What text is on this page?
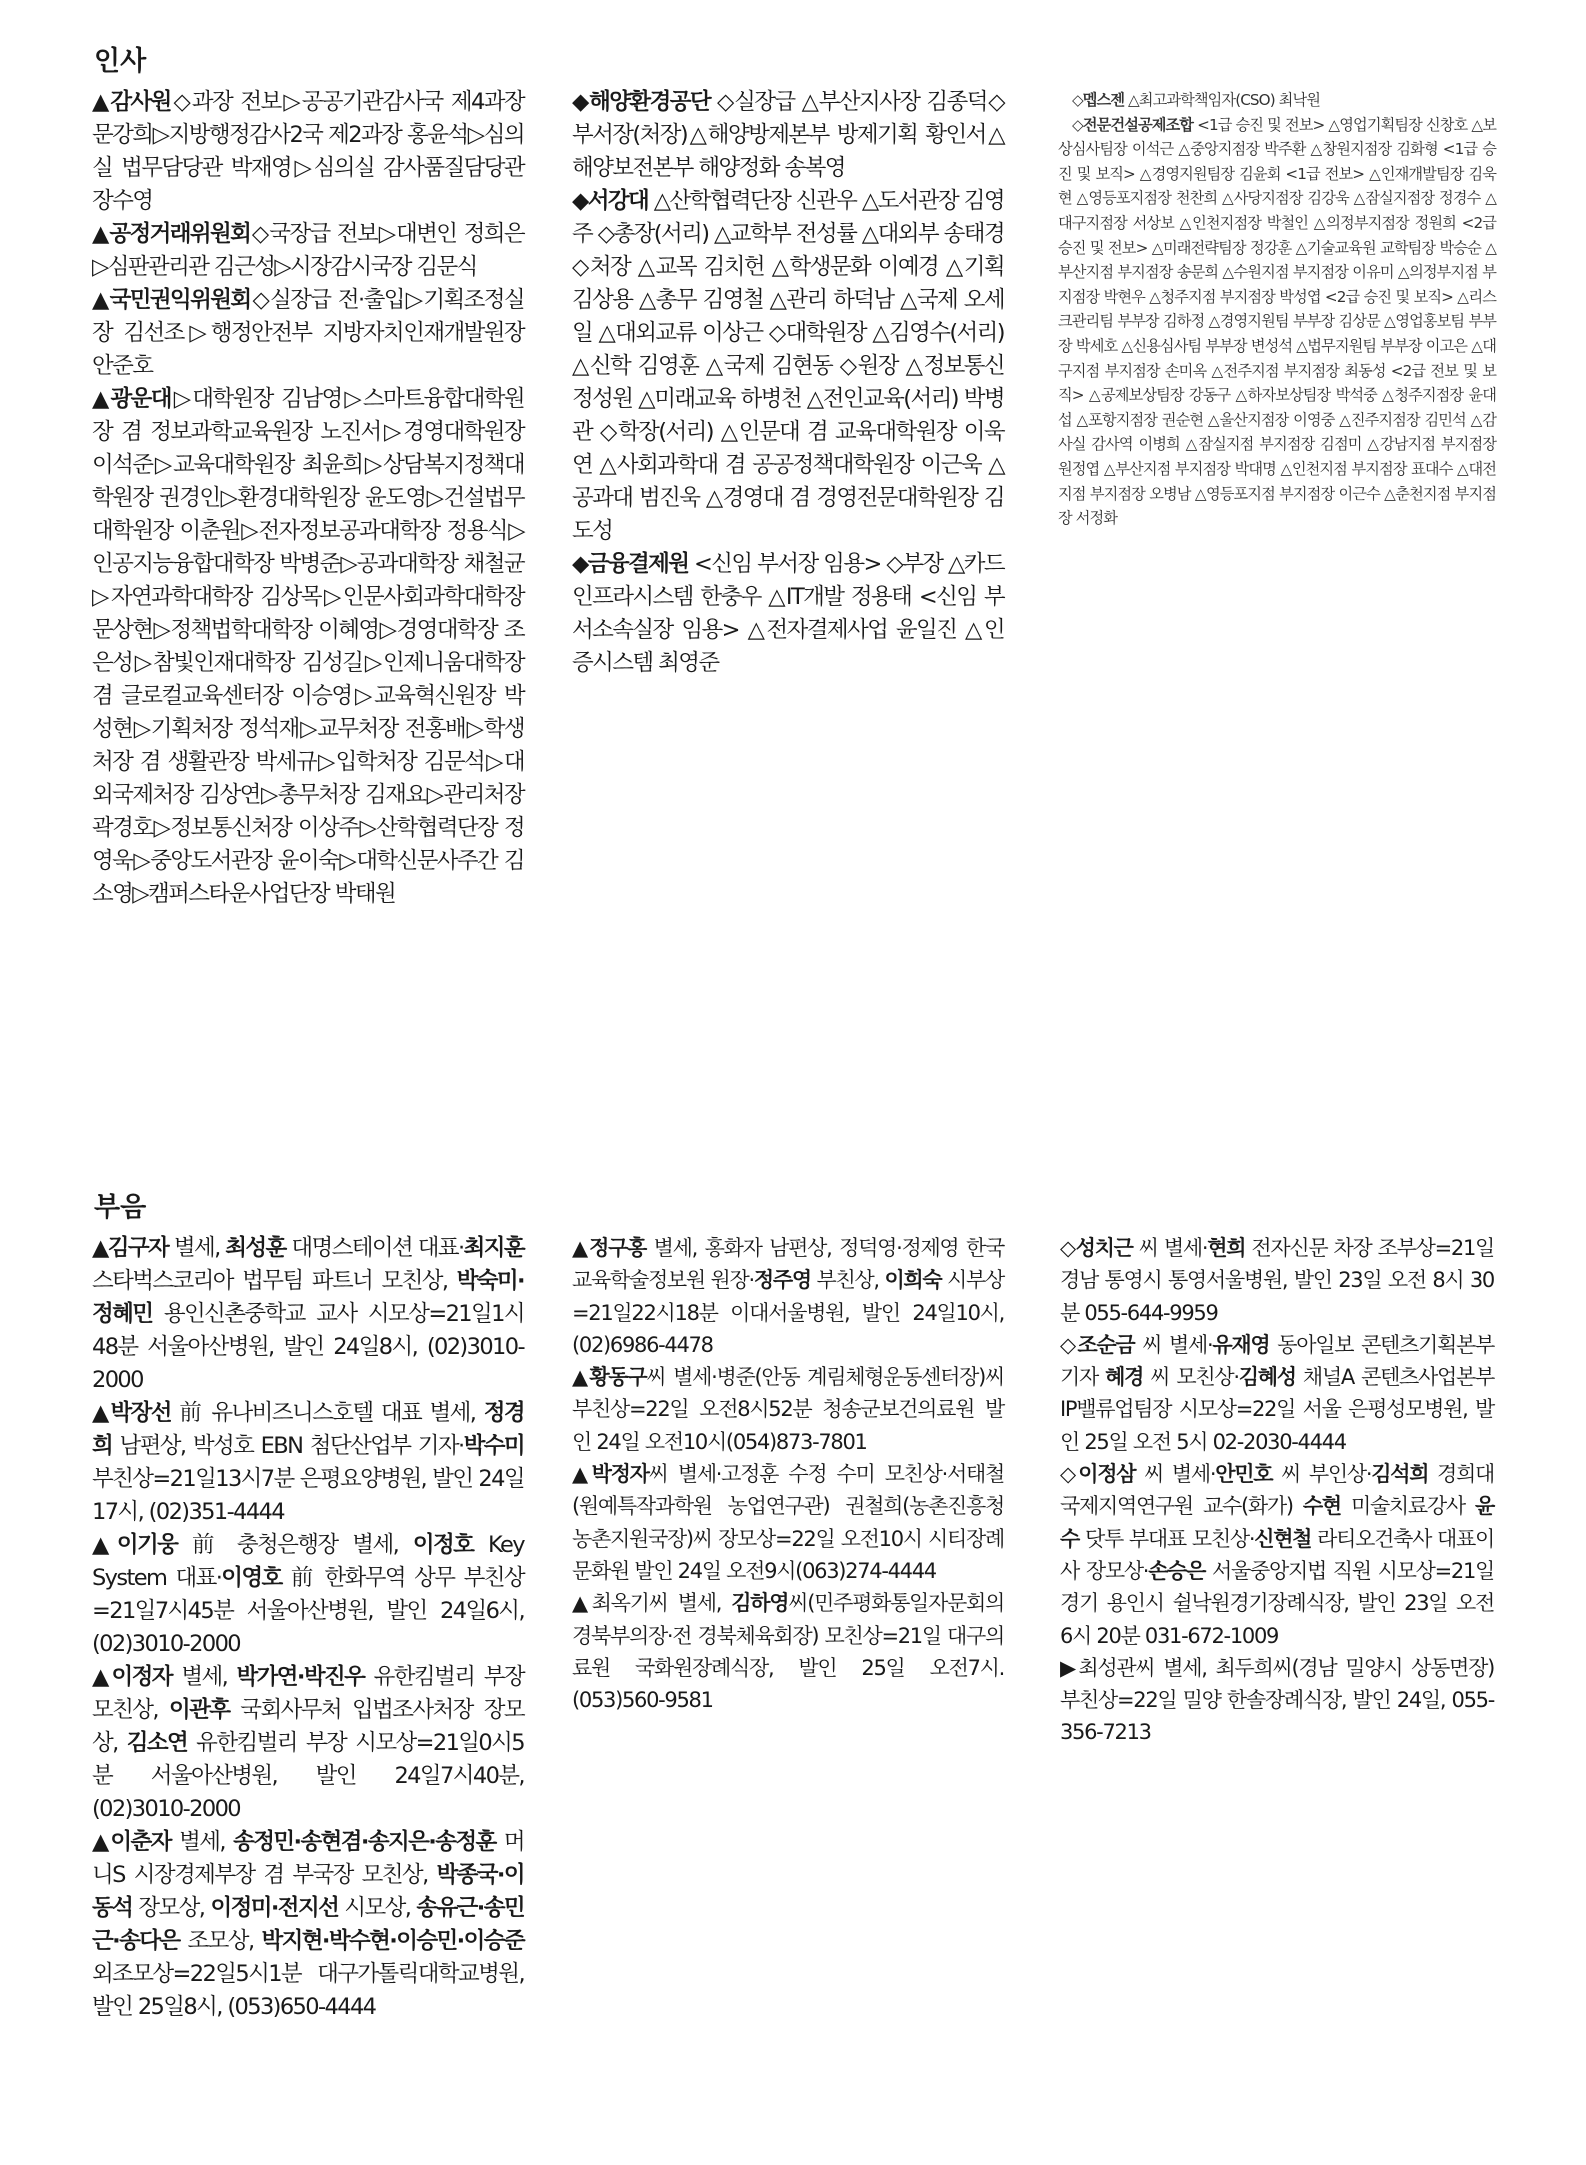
인사

▲감사원◇과장 전보▷공공기관감사국 제4과장 문강희▷지방행정감사2국 제2과장 홍윤석▷심의실 법무담당관 박재영▷심의실 감사품질담당관 장수영

▲공정거래위원회◇국장급 전보▷대변인 정희은▷심판관리관 김근성▷시장감시국장 김문식

▲국민권익위원회◇실장급 전·출입▷기획조정실장 김선조▷행정안전부 지방자치인재개발원장 안준호

▲광운대▷대학원장 김남영▷스마트융합대학원장 겸 정보과학교육원장 노진서▷경영대학원장 이석준▷교육대학원장 최윤희▷상담복지정책대학원장 권경인▷환경대학원장 윤도영▷건설법무대학원장 이춘원▷전자정보공과대학장 정용식▷인공지능융합대학장 박병준▷공과대학장 채철균▷자연과학대학장 김상목▷인문사회과학대학장 문상현▷정책법학대학장 이혜영▷경영대학장 조은성▷참빛인재대학장 김성길▷인제니움대학장 겸 글로컬교육센터장 이승영▷교육혁신원장 박성현▷기획처장 정석재▷교무처장 전홍배▷학생처장 겸 생활관장 박세규▷입학처장 김문석▷대외국제처장 김상연▷총무처장 김재요▷관리처장 곽경호▷정보통신처장 이상주▷산학협력단장 정영욱▷중앙도서관장 윤이숙▷대학신문사주간 김소영▷캠퍼스타운사업단장 박태원

◆해양환경공단 ◇실장급 △부산지사장 김종덕◇부서장(처장)△해양방제본부 방제기획 황인서△해양보전본부 해양정화 송복영

◆서강대 △산학협력단장 신관우 △도서관장 김영주 ◇총장(서리) △교학부 전성률 △대외부 송태경 ◇처장 △교목 김치헌 △학생문화 이예경 △기획 김상용 △총무 김영철 △관리 하덕남 △국제 오세일 △대외교류 이상근 ◇대학원장 △김영수(서리) △신학 김영훈 △국제 김현동 ◇원장 △정보통신 정성원 △미래교육 하병천 △전인교육(서리) 박병관 ◇학장(서리) △인문대 겸 교육대학원장 이욱연 △사회과학대 겸 공공정책대학원장 이근욱 △공과대 범진욱 △경영대 겸 경영전문대학원장 김도성

◆금융결제원 <신임 부서장 임용> ◇부장 △카드인프라시스템 한충우 △IT개발 정용태 <신임 부서소속실장 임용> △전자결제사업 윤일진 △인증시스템 최영준

◇멥스젠 △최고과학책임자(CSO) 최낙원

◇전문건설공제조합 <1급 승진 및 전보> △영업기획팀장 신창호 △보상심사팀장 이석근 △중앙지점장 박주환 △창원지점장 김화형 <1급 승진 및 보직> △경영지원팀장 김윤회 <1급 전보> △인재개발팀장 김욱현 △영등포지점장 천찬희 △사당지점장 김강욱 △잠실지점장 정경수 △대구지점장 서상보 △인천지점장 박철인 △의정부지점장 정원희 <2급 승진 및 전보> △미래전략팀장 정강훈 △기술교육원 교학팀장 박승순 △부산지점 부지점장 송문희 △수원지점 부지점장 이유미 △의정부지점 부지점장 박현우 △청주지점 부지점장 박성엽 <2급 승진 및 보직> △리스크관리팀 부부장 김하정 △경영지원팀 부부장 김상문 △영업홍보팀 부부장 박세호 △신용심사팀 부부장 변성석 △법무지원팀 부부장 이고은 △대구지점 부지점장 손미옥 △전주지점 부지점장 최동성 <2급 전보 및 보직> △공제보상팀장 강동구 △하자보상팀장 박석중 △청주지점장 윤대섭 △포항지점장 권순현 △울산지점장 이영중 △진주지점장 김민석 △감사실 감사역 이병희 △잠실지점 부지점장 김점미 △강남지점 부지점장 원정엽 △부산지점 부지점장 박대명 △인천지점 부지점장 표대수 △대전지점 부지점장 오병남 △영등포지점 부지점장 이근수 △춘천지점 부지점장 서정화

부음

▲김구자 별세, 최성훈 대명스테이션 대표·최지훈 스타벅스코리아 법무팀 파트너 모친상, 박숙미·정혜민 용인신촌중학교 교사 시모상=21일1시48분 서울아산병원, 발인 24일8시, (02)3010-2000

▲박장선 前 유나비즈니스호텔 대표 별세, 정경희 남편상, 박성호 EBN 첨단산업부 기자·박수미 부친상=21일13시7분 은평요양병원, 발인 24일17시, (02)351-4444

▲이기웅 前 충청은행장 별세, 이정호 Key System 대표·이영호 前 한화무역 상무 부친상=21일7시45분 서울아산병원, 발인 24일6시, (02)3010-2000

▲이정자 별세, 박가연·박진우 유한킴벌리 부장 모친상, 이관후 국회사무처 입법조사처장 장모상, 김소연 유한킴벌리 부장 시모상=21일0시5분 서울아산병원, 발인 24일7시40분, (02)3010-2000

▲이춘자 별세, 송정민·송현겸·송지은·송정훈 머니S 시장경제부장 겸 부국장 모친상, 박종국·이동석 장모상, 이정미·전지선 시모상, 송유근·송민근·송다은 조모상, 박지현·박수현·이승민·이승준 외조모상=22일5시1분 대구가톨릭대학교병원, 발인 25일8시, (053)650-4444

▲정구홍 별세, 홍화자 남편상, 정덕영·정제영 한국교육학술정보원 원장·정주영 부친상, 이희숙 시부상=21일22시18분 이대서울병원, 발인 24일10시, (02)6986-4478

▲황동구씨 별세·병준(안동 계림체형운동센터장)씨 부친상=22일 오전8시52분 청송군보건의료원 발인 24일 오전10시(054)873-7801

▲박정자씨 별세·고정훈 수정 수미 모친상·서태철(원예특작과학원 농업연구관) 권철희(농촌진흥청 농촌지원국장)씨 장모상=22일 오전10시 시티장례문화원 발인 24일 오전9시(063)274-4444

▲최옥기씨 별세, 김하영씨(민주평화통일자문회의 경북부의장·전 경북체육회장) 모친상=21일 대구의료원 국화원장례식장, 발인 25일 오전7시. (053)560-9581

◇성치근 씨 별세·현희 전자신문 차장 조부상=21일 경남 통영시 통영서울병원, 발인 23일 오전 8시 30분 055-644-9959

◇조순금 씨 별세·유재영 동아일보 콘텐츠기획본부 기자 혜경 씨 모친상·김혜성 채널A 콘텐츠사업본부 IP밸류업팀장 시모상=22일 서울 은평성모병원, 발인 25일 오전 5시 02-2030-4444

◇이정삼 씨 별세·안민호 씨 부인상·김석희 경희대 국제지역연구원 교수(화가) 수현 미술치료강사 윤수 닷투 부대표 모친상·신현철 라티오건축사 대표이사 장모상·손승은 서울중앙지법 직원 시모상=21일 경기 용인시 쉴낙원경기장례식장, 발인 23일 오전 6시 20분 031-672-1009

▶최성관씨 별세, 최두희씨(경남 밀양시 상동면장) 부친상=22일 밀양 한솔장례식장, 발인 24일, 055-356-7213
